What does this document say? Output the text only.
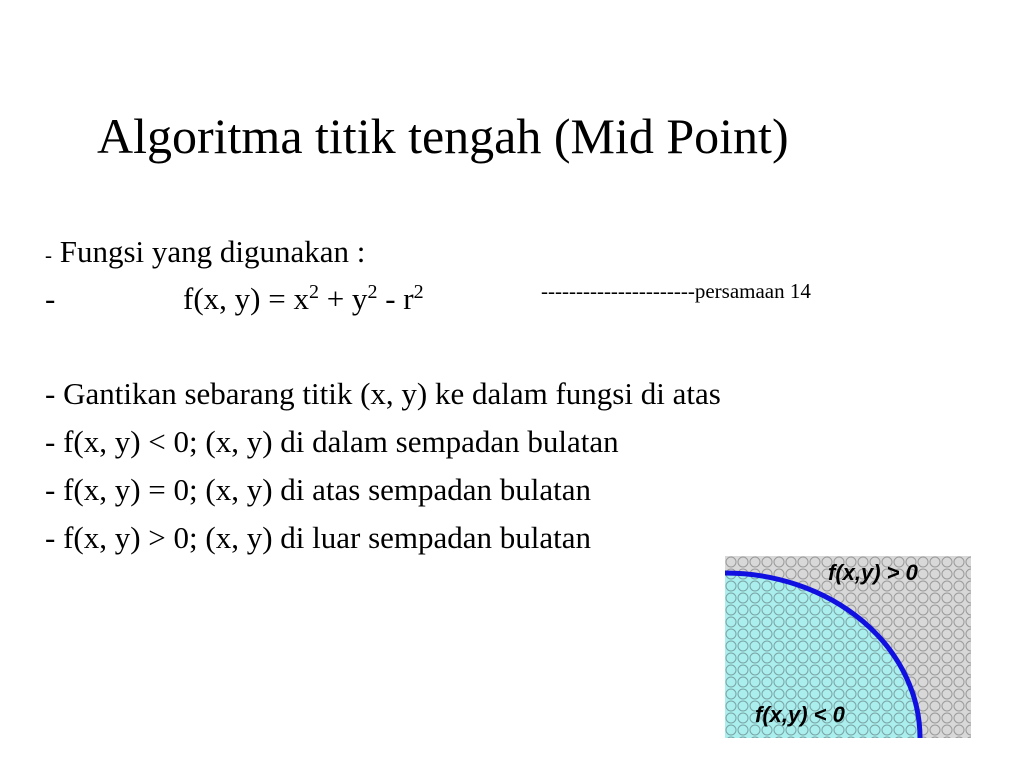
Algoritma titik tengah (Mid Point)
- Fungsi yang digunakan :
-	f(x, $y) = x^2 + y^2 - r^2$	----------------------persamaan 14
- Gantikan sebarang titik (x, y) ke dalam fungsi di atas
- f(x, y) < 0; (x, y) di dalam sempadan bulatan
- f(x, y) = 0; (x, y) di atas sempadan bulatan
- f(x, y) > 0; (x, y) di luar sempadan bulatan
f(x,y) > 0
f(x,y) < 0
